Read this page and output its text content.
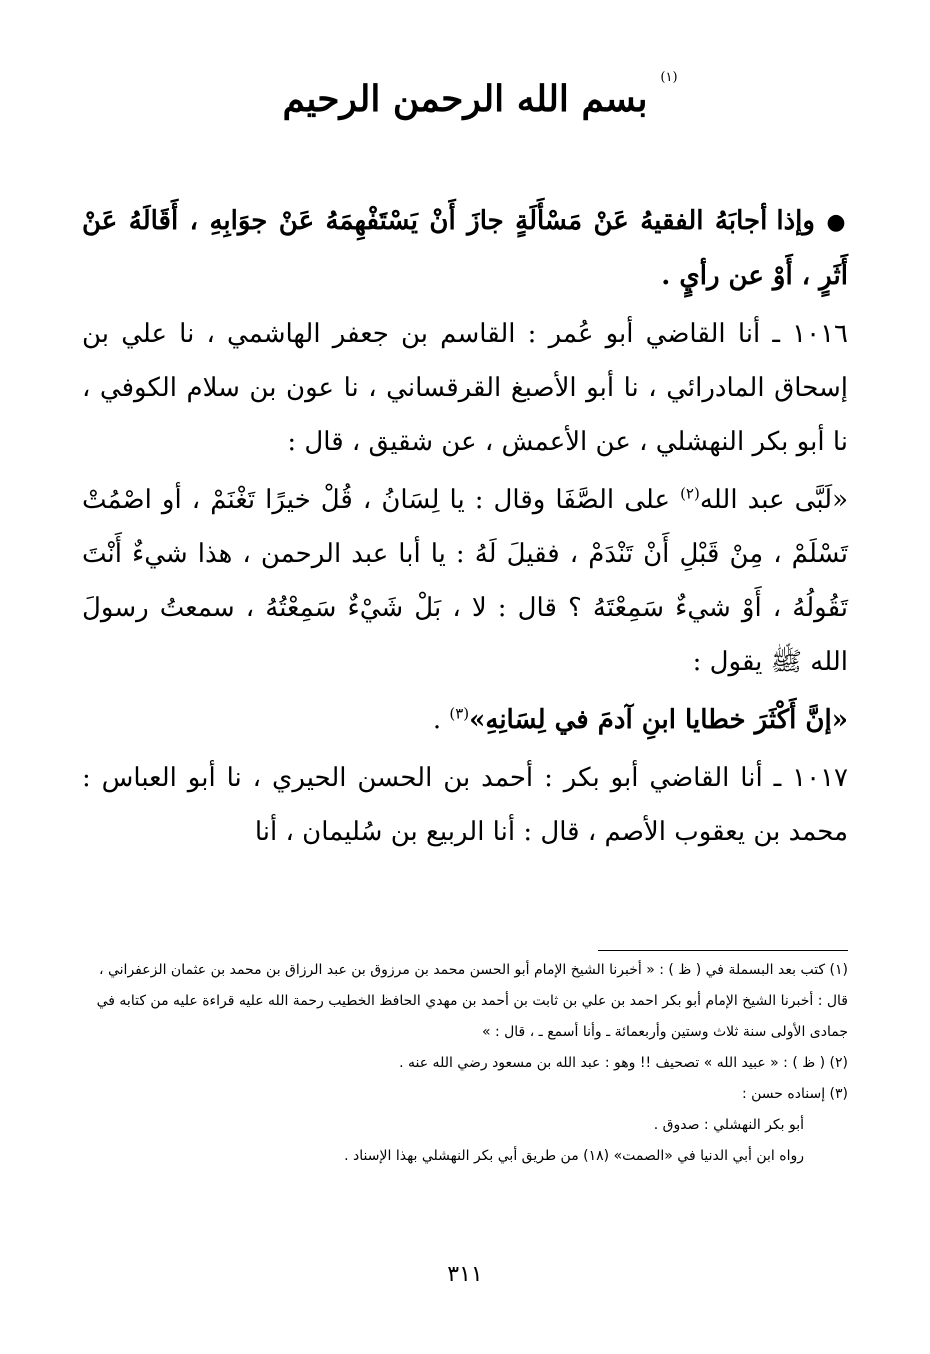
بسم الله الرحمن الرحيم
(١)

● وإذا أجابَهُ الفقيهُ عَنْ مَسْأَلَةٍ جازَ أَنْ يَسْتَفْهِمَهُ عَنْ جوَابِهِ ، أَقَالَهُ عَنْ أَثَرٍ ، أَوْ عن رأيٍ .

١٠١٦ ـ أنا القاضي أبو عُمر : القاسم بن جعفر الهاشمي ، نا علي بن إسحاق المادرائي ، نا أبو الأصبغ القرقساني ، نا عون بن سلام الكوفي ، نا أبو بكر النهشلي ، عن الأعمش ، عن شقيق ، قال :

«لَبَّى عبد الله$^{(٢)}$ على الصَّفَا وقال : يا لِسَانُ ، قُلْ خيرًا تَغْنَمْ ، أو اصْمُتْ تَسْلَمْ ، مِنْ قَبْلِ أَنْ تَنْدَمْ ، فقيلَ لَهُ : يا أبا عبد الرحمن ، هذا شيءٌ أَنْتَ تَقُولُهُ ، أَوْ شيءٌ سَمِعْتَهُ ؟ قال : لا ، بَلْ شَيْءٌ سَمِعْتُهُ ، سمعتُ رسولَ الله ﷺ يقول :

«إنَّ أَكْثَرَ خطايا ابنِ آدمَ في لِسَانِهِ»$^{(٣)}$ .

١٠١٧ ـ أنا القاضي أبو بكر : أحمد بن الحسن الحيري ، نا أبو العباس : محمد بن يعقوب الأصم ، قال : أنا الربيع بن سُليمان ، أنا

(١) كتب بعد البسملة في ( ظ ) : « أخبرنا الشيخ الإمام أبو الحسن محمد بن مرزوق بن عبد الرزاق بن محمد بن عثمان الزعفراني ، قال : أخبرنا الشيخ الإمام أبو بكر احمد بن علي بن ثابت بن أحمد بن مهدي الحافظ الخطيب رحمة الله عليه قراءة عليه من كتابه في جمادى الأولى سنة ثلاث وستين وأربعمائة ـ وأنا أسمع ـ ، قال : »

(٢) ( ظ ) : « عبيد الله » تصحيف !! وهو : عبد الله بن مسعود رضي الله عنه .

(٣) إسناده حسن :

أبو بكر النهشلي : صدوق .

رواه ابن أبي الدنيا في «الصمت» (١٨) من طريق أبي بكر النهشلي بهذا الإسناد .

٣١١
